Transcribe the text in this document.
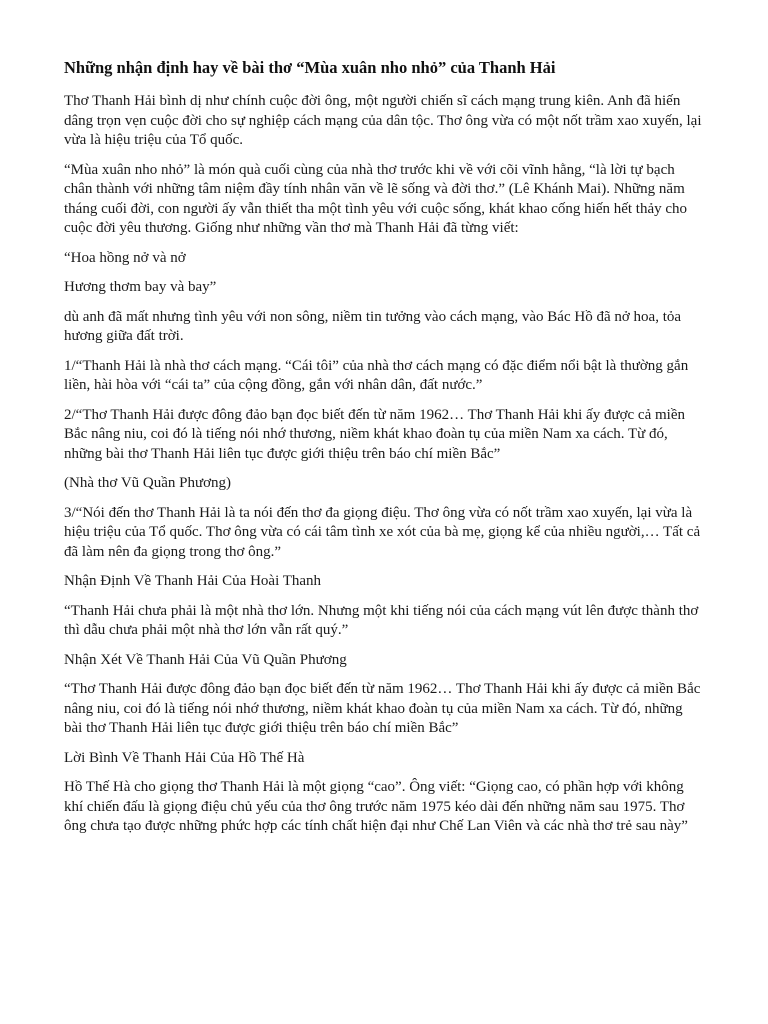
Những nhận định hay về bài thơ “Mùa xuân nho nhỏ” của Thanh Hải

Thơ Thanh Hải bình dị như chính cuộc đời ông, một người chiến sĩ cách mạng trung kiên. Anh đã hiến dâng trọn vẹn cuộc đời cho sự nghiệp cách mạng của dân tộc. Thơ ông vừa có một nốt trầm xao xuyến, lại vừa là hiệu triệu của Tổ quốc.

“Mùa xuân nho nhỏ” là món quà cuối cùng của nhà thơ trước khi về với cõi vĩnh hằng, “là lời tự bạch chân thành với những tâm niệm đầy tính nhân văn về lẽ sống và đời thơ.” (Lê Khánh Mai). Những năm tháng cuối đời, con người ấy vẫn thiết tha một tình yêu với cuộc sống, khát khao cống hiến hết thảy cho cuộc đời yêu thương. Giống như những vần thơ mà Thanh Hải đã từng viết:

“Hoa hồng nở và nở

Hương thơm bay và bay”

dù anh đã mất nhưng tình yêu với non sông, niềm tin tưởng vào cách mạng, vào Bác Hồ đã nở hoa, tỏa hương giữa đất trời.

1/“Thanh Hải là nhà thơ cách mạng. “Cái tôi” của nhà thơ cách mạng có đặc điểm nổi bật là thường gắn liền, hài hòa với “cái ta” của cộng đồng, gắn với nhân dân, đất nước.”

2/“Thơ Thanh Hải được đông đảo bạn đọc biết đến từ năm 1962… Thơ Thanh Hải khi ấy được cả miền Bắc nâng niu, coi đó là tiếng nói nhớ thương, niềm khát khao đoàn tụ của miền Nam xa cách. Từ đó, những bài thơ Thanh Hải liên tục được giới thiệu trên báo chí miền Bắc”

(Nhà thơ Vũ Quần Phương)

3/“Nói đến thơ Thanh Hải là ta nói đến thơ đa giọng điệu. Thơ ông vừa có nốt trầm xao xuyến, lại vừa là hiệu triệu của Tổ quốc. Thơ ông vừa có cái tâm tình xe xót của bà mẹ, giọng kể của nhiều người,… Tất cả đã làm nên đa giọng trong thơ ông.”

Nhận Định Về Thanh Hải Của Hoài Thanh

“Thanh Hải chưa phải là một nhà thơ lớn. Nhưng một khi tiếng nói của cách mạng vút lên được thành thơ thì dẫu chưa phải một nhà thơ lớn vẫn rất quý.”

Nhận Xét Về Thanh Hải Của Vũ Quần Phương

“Thơ Thanh Hải được đông đảo bạn đọc biết đến từ năm 1962… Thơ Thanh Hải khi ấy được cả miền Bắc nâng niu, coi đó là tiếng nói nhớ thương, niềm khát khao đoàn tụ của miền Nam xa cách. Từ đó, những bài thơ Thanh Hải liên tục được giới thiệu trên báo chí miền Bắc”

Lời Bình Về Thanh Hải Của Hồ Thế Hà

Hồ Thế Hà cho giọng thơ Thanh Hải là một giọng “cao”. Ông viết: “Giọng cao, có phần hợp với không khí chiến đấu là giọng điệu chủ yếu của thơ ông trước năm 1975 kéo dài đến những năm sau 1975. Thơ ông chưa tạo được những phức hợp các tính chất hiện đại như Chế Lan Viên và các nhà thơ trẻ sau này”
